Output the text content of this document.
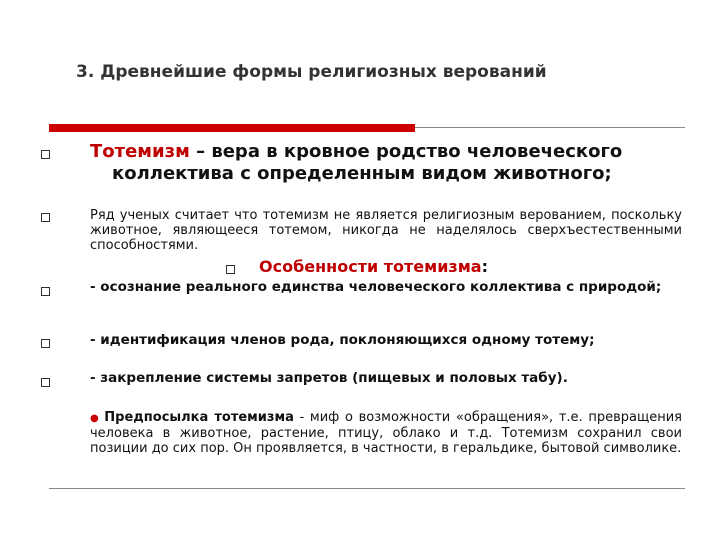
3. Древнейшие формы религиозных верований
Тотемизм – вера в кровное родство человеческого
коллектива с определенным видом животного;
Ряд ученых считает что тотемизм не является религиозным верованием, поскольку животное, являющееся тотемом, никогда не наделялось сверхъестественными способностями.
Особенности тотемизма:
- осознание реального единства человеческого коллектива с природой;
- идентификация членов рода, поклоняющихся одному тотему;
- закрепление системы запретов (пищевых и половых табу).
● Предпосылка тотемизма - миф о возможности «обращения», т.е. превращения человека в животное, растение, птицу, облако и т.д. Тотемизм сохранил свои позиции до сих пор. Он проявляется, в частности, в геральдике, бытовой символике.
